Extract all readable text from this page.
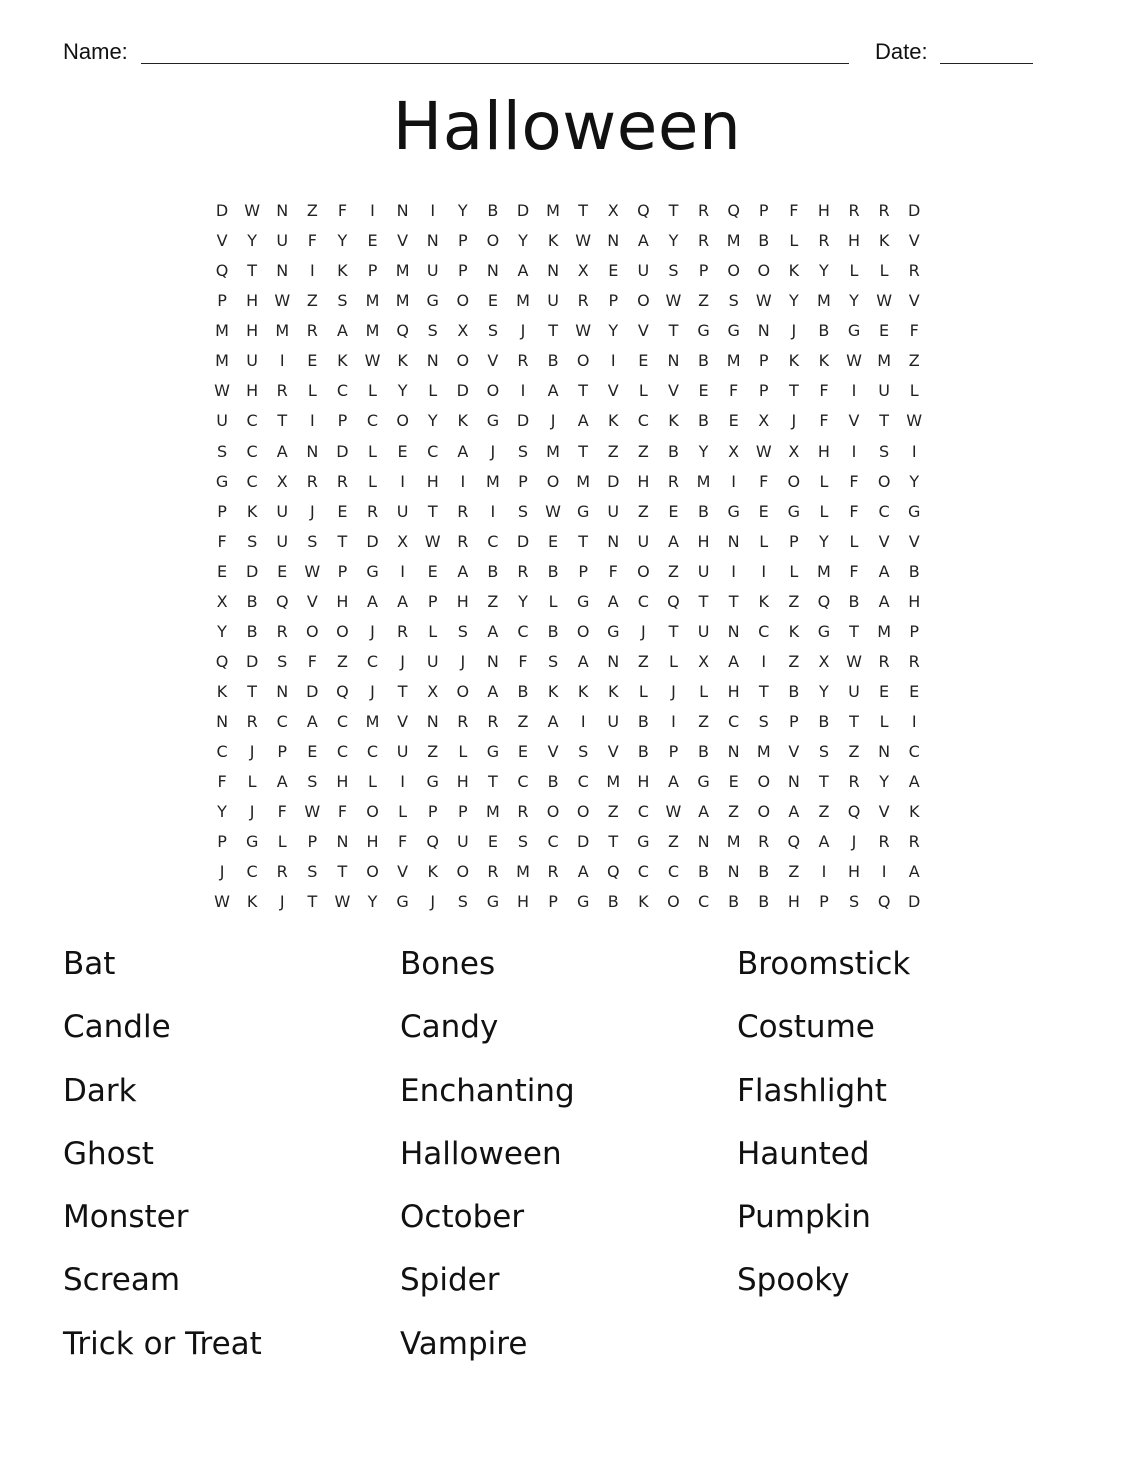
Name:	Date:
Halloween
D	W	N	Z	F	I	N	I	Y	B	D	M	T	X	Q	T	R	Q	P	F	H	R	R	D
V	Y	U	F	Y	E	V	N	P	O	Y	K	W	N	A	Y	R	M	B	L	R	H	K	V
Q	T	N	I	K	P	M	U	P	N	A	N	X	E	U	S	P	O	O	K	Y	L	L	R
P	H	W	Z	S	M	M	G	O	E	M	U	R	P	O W	Z	S	W	Y	M	Y	W	V
M	H	M	R	A	M	Q	S	X	S	J	T	W	Y	V	T	G	G	N	J	B	G	E	F
M	U	I	E	K	W	K	N	O	V	R	B	O	I	E	N	B	M	P	K	K	W M	Z
W	H	R	L	C	L	Y	L	D	O	I	A	T	V	L	V	E	F	P	T	F	I	U	L
U	C	T	I	P	C	O	Y	K	G	D	J	A	K	C	K	B	E	X	J	F	V	T	W
S	C	A	N	D	L	E	C	A	J	S	M	T	Z	Z	B	Y	X	W	X	H	I	S	I
G	C	X	R	R	L	I	H	I	M	P	O	M	D	H	R	M	I	F	O	L	F	O	Y
P	K	U	J	E	R	U	T	R	I	S	W G	U	Z	E	B	G	E	G	L	F	C	G
F	S	U	S	T	D	X	W	R	C	D	E	T	N	U	A	H	N	L	P	Y	L	V	V
E	D	E	W	P	G	I	E	A	B	R	B	P	F	O	Z	U	I	I	L	M	F	A	B
X	B	Q	V	H	A	A	P	H	Z	Y	L	G	A	C	Q	T	T	K	Z	Q	B	A	H
Y	B	R	O	O	J	R	L	S	A	C	B	O	G	J	T	U	N	C	K	G	T	M	P
Q	D	S	F	Z	C	J	U	J	N	F	S	A	N	Z	L	X	A	I	Z	X	W	R	R
K	T	N	D	Q	J	T	X	O	A	B	K	K	K	L	J	L	H	T	B	Y	U	E	E
N	R	C	A	C	M	V	N	R	R	Z	A	I	U	B	I	Z	C	S	P	B	T	L	I
C	J	P	E	C	C	U	Z	L	G	E	V	S	V	B	P	B	N	M	V	S	Z	N	C
F	L	A	S	H	L	I	G	H	T	C	B	C	M	H	A	G	E	O	N	T	R	Y	A
Y	J	F	W	F	O	L	P	P	M	R	O	O	Z	C	W	A	Z	O	A	Z	Q	V	K
P	G	L	P	N	H	F	Q	U	E	S	C	D	T	G	Z	N	M	R	Q	A	J	R	R
J	C	R	S	T	O	V	K	O	R	M	R	A	Q	C	C	B	N	B	Z	I	H	I	A
W	K	J	T	W	Y	G	J	S	G	H	P	G	B	K	O	C	B	B	H	P	S	Q	D
Bat	Bones	Broomstick
Candle	Candy	Costume
Dark	Enchanting	Flashlight
Ghost	Halloween	Haunted
Monster	October	Pumpkin
Scream	Spider	Spooky
Trick or Treat	Vampire
